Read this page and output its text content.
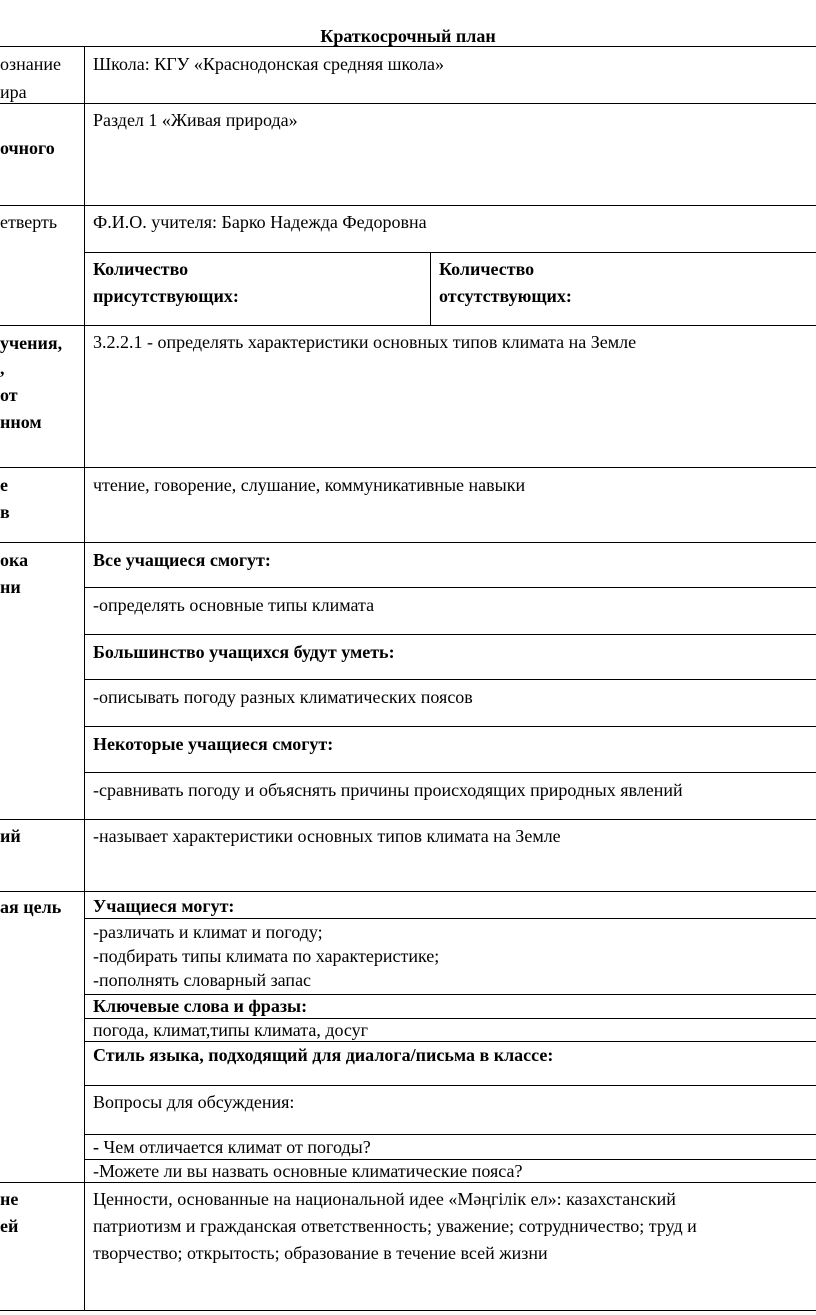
Краткосрочный план
ознание
ира
очного
етверть
учения,
,
от
нном
е
в
ока
ни
ий
ая цель
не
ей
Школа: КГУ «Краснодонская средняя школа»
Раздел 1 «Живая природа»
Ф.И.О. учителя: Барко Надежда Федоровна
Количество
присутствующих:
Количество
отсутствующих:
3.2.2.1 - определять характеристики основных типов климата на Земле
чтение, говорение, слушание, коммуникативные навыки
Все учащиеся смогут:
-определять основные типы климата
Большинство учащихся будут уметь:
-описывать погоду разных климатических поясов
Некоторые учащиеся смогут:
-сравнивать погоду и объяснять причины происходящих природных явлений
-называет характеристики основных типов климата на Земле
Учащиеся могут:
-различать и климат и погоду;
-подбирать типы климата по характеристике;
-пополнять словарный запас
Ключевые слова и фразы:
погода, климат,типы климата, досуг
Стиль языка, подходящий для диалога/письма в классе:
Вопросы для обсуждения:
- Чем отличается климат от погоды?
-Можете ли вы назвать основные климатические пояса?
Ценности, основанные на национальной идее «Мәңгілік ел»: казахстанский
патриотизм и гражданская ответственность; уважение; сотрудничество; труд и
творчество; открытость; образование в течение всей жизни
